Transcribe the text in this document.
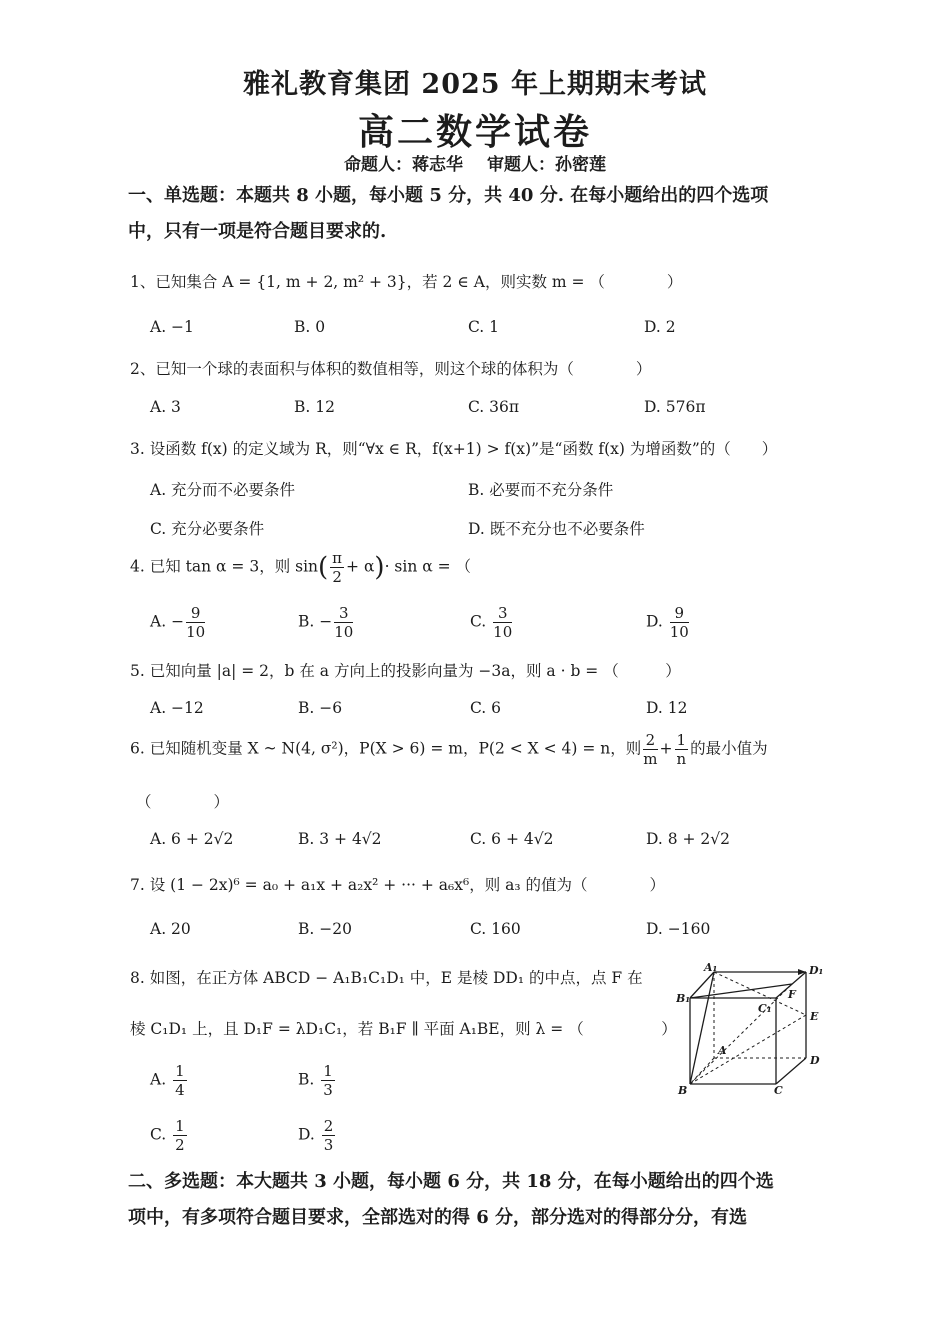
雅礼教育集团 2025 年上期期末考试
高二数学试卷
命题人：蒋志华 审题人：孙密莲
一、单选题：本题共 8 小题，每小题 5 分，共 40 分. 在每小题给出的四个选项
中，只有一项是符合题目要求的.
1、已知集合 A = {1, m + 2, m² + 3}，若 2 ∈ A，则实数 m = （　　　　）
A. −1	B. 0	C. 1	D. 2
2、已知一个球的表面积与体积的数值相等，则这个球的体积为（　　　　）
A. 3	B. 12	C. 36π	D. 576π
3. 设函数 f(x) 的定义域为 R，则“∀x ∈ R，f(x+1) > f(x)”是“函数 f(x) 为增函数”的（　　）
A. 充分而不必要条件	B. 必要而不充分条件
C. 充分必要条件	D. 既不充分也不必要条件
4. 已知 tan α = 3，则 $\sin( \frac{\pi}{2} + \alpha)\cdot \sin \alpha$ = （
A. − $\frac{9}{10}$	B. − $\frac{3}{10}$	C. $\frac{3}{10}$	D. $\frac{9}{10}$
5. 已知向量 |a| = 2，b 在 a 方向上的投影向量为 −3a，则 a · b = （　　　）
A. −12	B. −6	C. 6	D. 12
6. 已知随机变量 X ~ N(4, σ²)，P(X > 6) = m，P(2 < X < 4) = n，则 $\frac{2}{m} + \frac{1}{n}$ 的最小值为
（　　　　）
A. 6 + 2√2	B. 3 + 4√2	C. 6 + 4√2	D. 8 + 2√2
7. 设 (1 − 2x)⁶ = a₀ + a₁x + a₂x² + ··· + a₆x⁶，则 a₃ 的值为（　　　　）
A. 20	B. −20	C. 160	D. −160
8. 如图，在正方体 ABCD − A₁B₁C₁D₁ 中，E 是棱 DD₁ 的中点，点 F 在
棱 C₁D₁ 上，且 D₁F = λD₁C₁，若 B₁F ∥ 平面 A₁BE，则 λ = （　　　　　）
A. $\frac{1}{4}$	B. $\frac{1}{3}$
C. $\frac{1}{2}$	D. $\frac{2}{3}$
A₁	D₁
B₁
C₁
F
E
A
D
B	C
二、多选题：本大题共 3 小题，每小题 6 分，共 18 分，在每小题给出的四个选
项中，有多项符合题目要求，全部选对的得 6 分，部分选对的得部分分，有选
